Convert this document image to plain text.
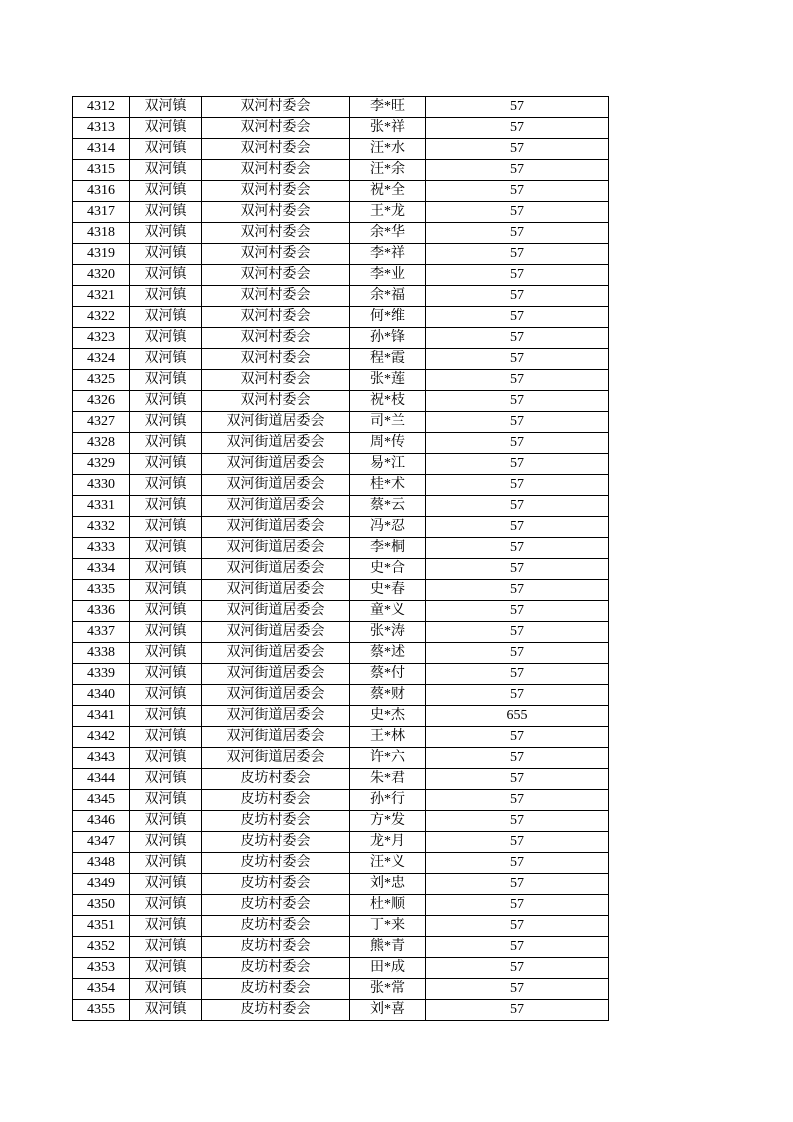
4312	双河镇	双河村委会	李*旺	57
4313	双河镇	双河村委会	张*祥	57
4314	双河镇	双河村委会	汪*水	57
4315	双河镇	双河村委会	汪*余	57
4316	双河镇	双河村委会	祝*全	57
4317	双河镇	双河村委会	王*龙	57
4318	双河镇	双河村委会	余*华	57
4319	双河镇	双河村委会	李*祥	57
4320	双河镇	双河村委会	李*业	57
4321	双河镇	双河村委会	余*福	57
4322	双河镇	双河村委会	何*维	57
4323	双河镇	双河村委会	孙*锋	57
4324	双河镇	双河村委会	程*霞	57
4325	双河镇	双河村委会	张*莲	57
4326	双河镇	双河村委会	祝*枝	57
4327	双河镇	双河街道居委会	司*兰	57
4328	双河镇	双河街道居委会	周*传	57
4329	双河镇	双河街道居委会	易*江	57
4330	双河镇	双河街道居委会	桂*术	57
4331	双河镇	双河街道居委会	蔡*云	57
4332	双河镇	双河街道居委会	冯*忍	57
4333	双河镇	双河街道居委会	李*桐	57
4334	双河镇	双河街道居委会	史*合	57
4335	双河镇	双河街道居委会	史*春	57
4336	双河镇	双河街道居委会	童*义	57
4337	双河镇	双河街道居委会	张*涛	57
4338	双河镇	双河街道居委会	蔡*述	57
4339	双河镇	双河街道居委会	蔡*付	57
4340	双河镇	双河街道居委会	蔡*财	57
4341	双河镇	双河街道居委会	史*杰	655
4342	双河镇	双河街道居委会	王*林	57
4343	双河镇	双河街道居委会	许*六	57
4344	双河镇	皮坊村委会	朱*君	57
4345	双河镇	皮坊村委会	孙*行	57
4346	双河镇	皮坊村委会	方*发	57
4347	双河镇	皮坊村委会	龙*月	57
4348	双河镇	皮坊村委会	汪*义	57
4349	双河镇	皮坊村委会	刘*忠	57
4350	双河镇	皮坊村委会	杜*顺	57
4351	双河镇	皮坊村委会	丁*来	57
4352	双河镇	皮坊村委会	熊*青	57
4353	双河镇	皮坊村委会	田*成	57
4354	双河镇	皮坊村委会	张*常	57
4355	双河镇	皮坊村委会	刘*喜	57
